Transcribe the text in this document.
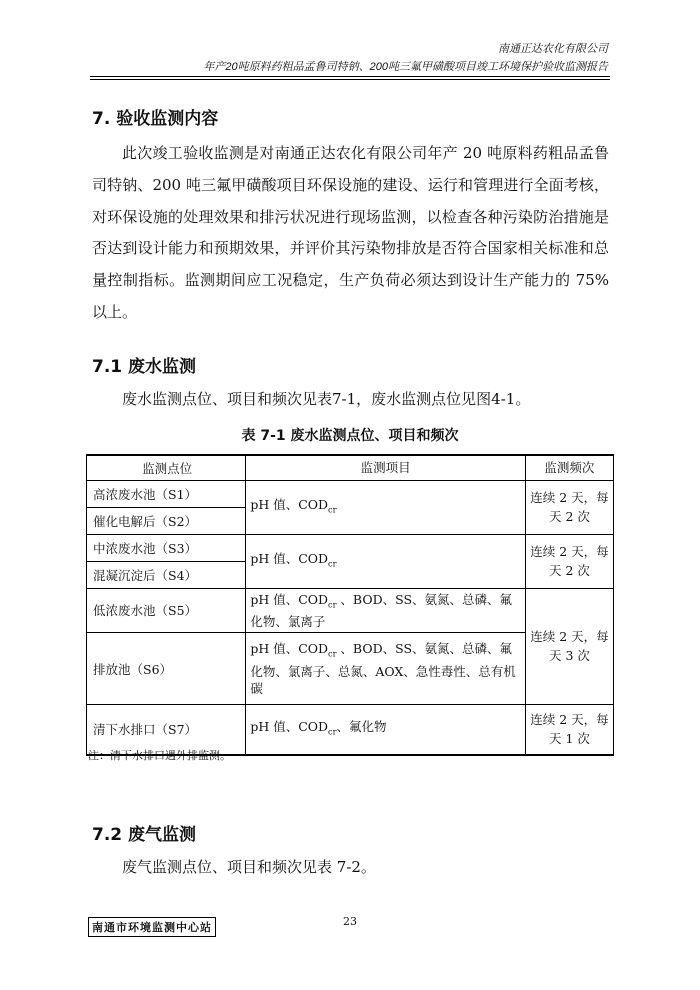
南通正达农化有限公司
年产20吨原料药粗品孟鲁司特钠、200吨三氟甲磺酸项目竣工环境保护验收监测报告
7. 验收监测内容
此次竣工验收监测是对南通正达农化有限公司年产 20 吨原料药粗品孟鲁司特钠、200 吨三氟甲磺酸项目环保设施的建设、运行和管理进行全面考核，对环保设施的处理效果和排污状况进行现场监测，以检查各种污染防治措施是否达到设计能力和预期效果，并评价其污染物排放是否符合国家相关标准和总量控制指标。监测期间应工况稳定，生产负荷必须达到设计生产能力的 75%以上。
7.1 废水监测
废水监测点位、项目和频次见表7-1，废水监测点位见图4-1。
表 7-1 废水监测点位、项目和频次
监测点位	监测项目	监测频次
高浓废水池（S1）	pH 值、$COD_{cr}$	连续 2 天，每天 2 次
催化电解后（S2）		
中浓废水池（S3）	pH 值、$COD_{cr}$	连续 2 天，每天 2 次
混凝沉淀后（S4）		
低浓废水池（S5）	pH 值、$COD_{cr}$ 、BOD、SS、氨氮、总磷、氟化物、氯离子	连续 2 天，每天 3 次
排放池（S6）	pH 值、$COD_{cr}$ 、BOD、SS、氨氮、总磷、氟化物、氯离子、总氮、AOX、急性毒性、总有机碳	
清下水排口（S7）	pH 值、$COD_{cr}$、氟化物	连续 2 天，每天 1 次
注：清下水排口遇外排监测。
7.2 废气监测
废气监测点位、项目和频次见表 7-2。
南通市环境监测中心站	23
